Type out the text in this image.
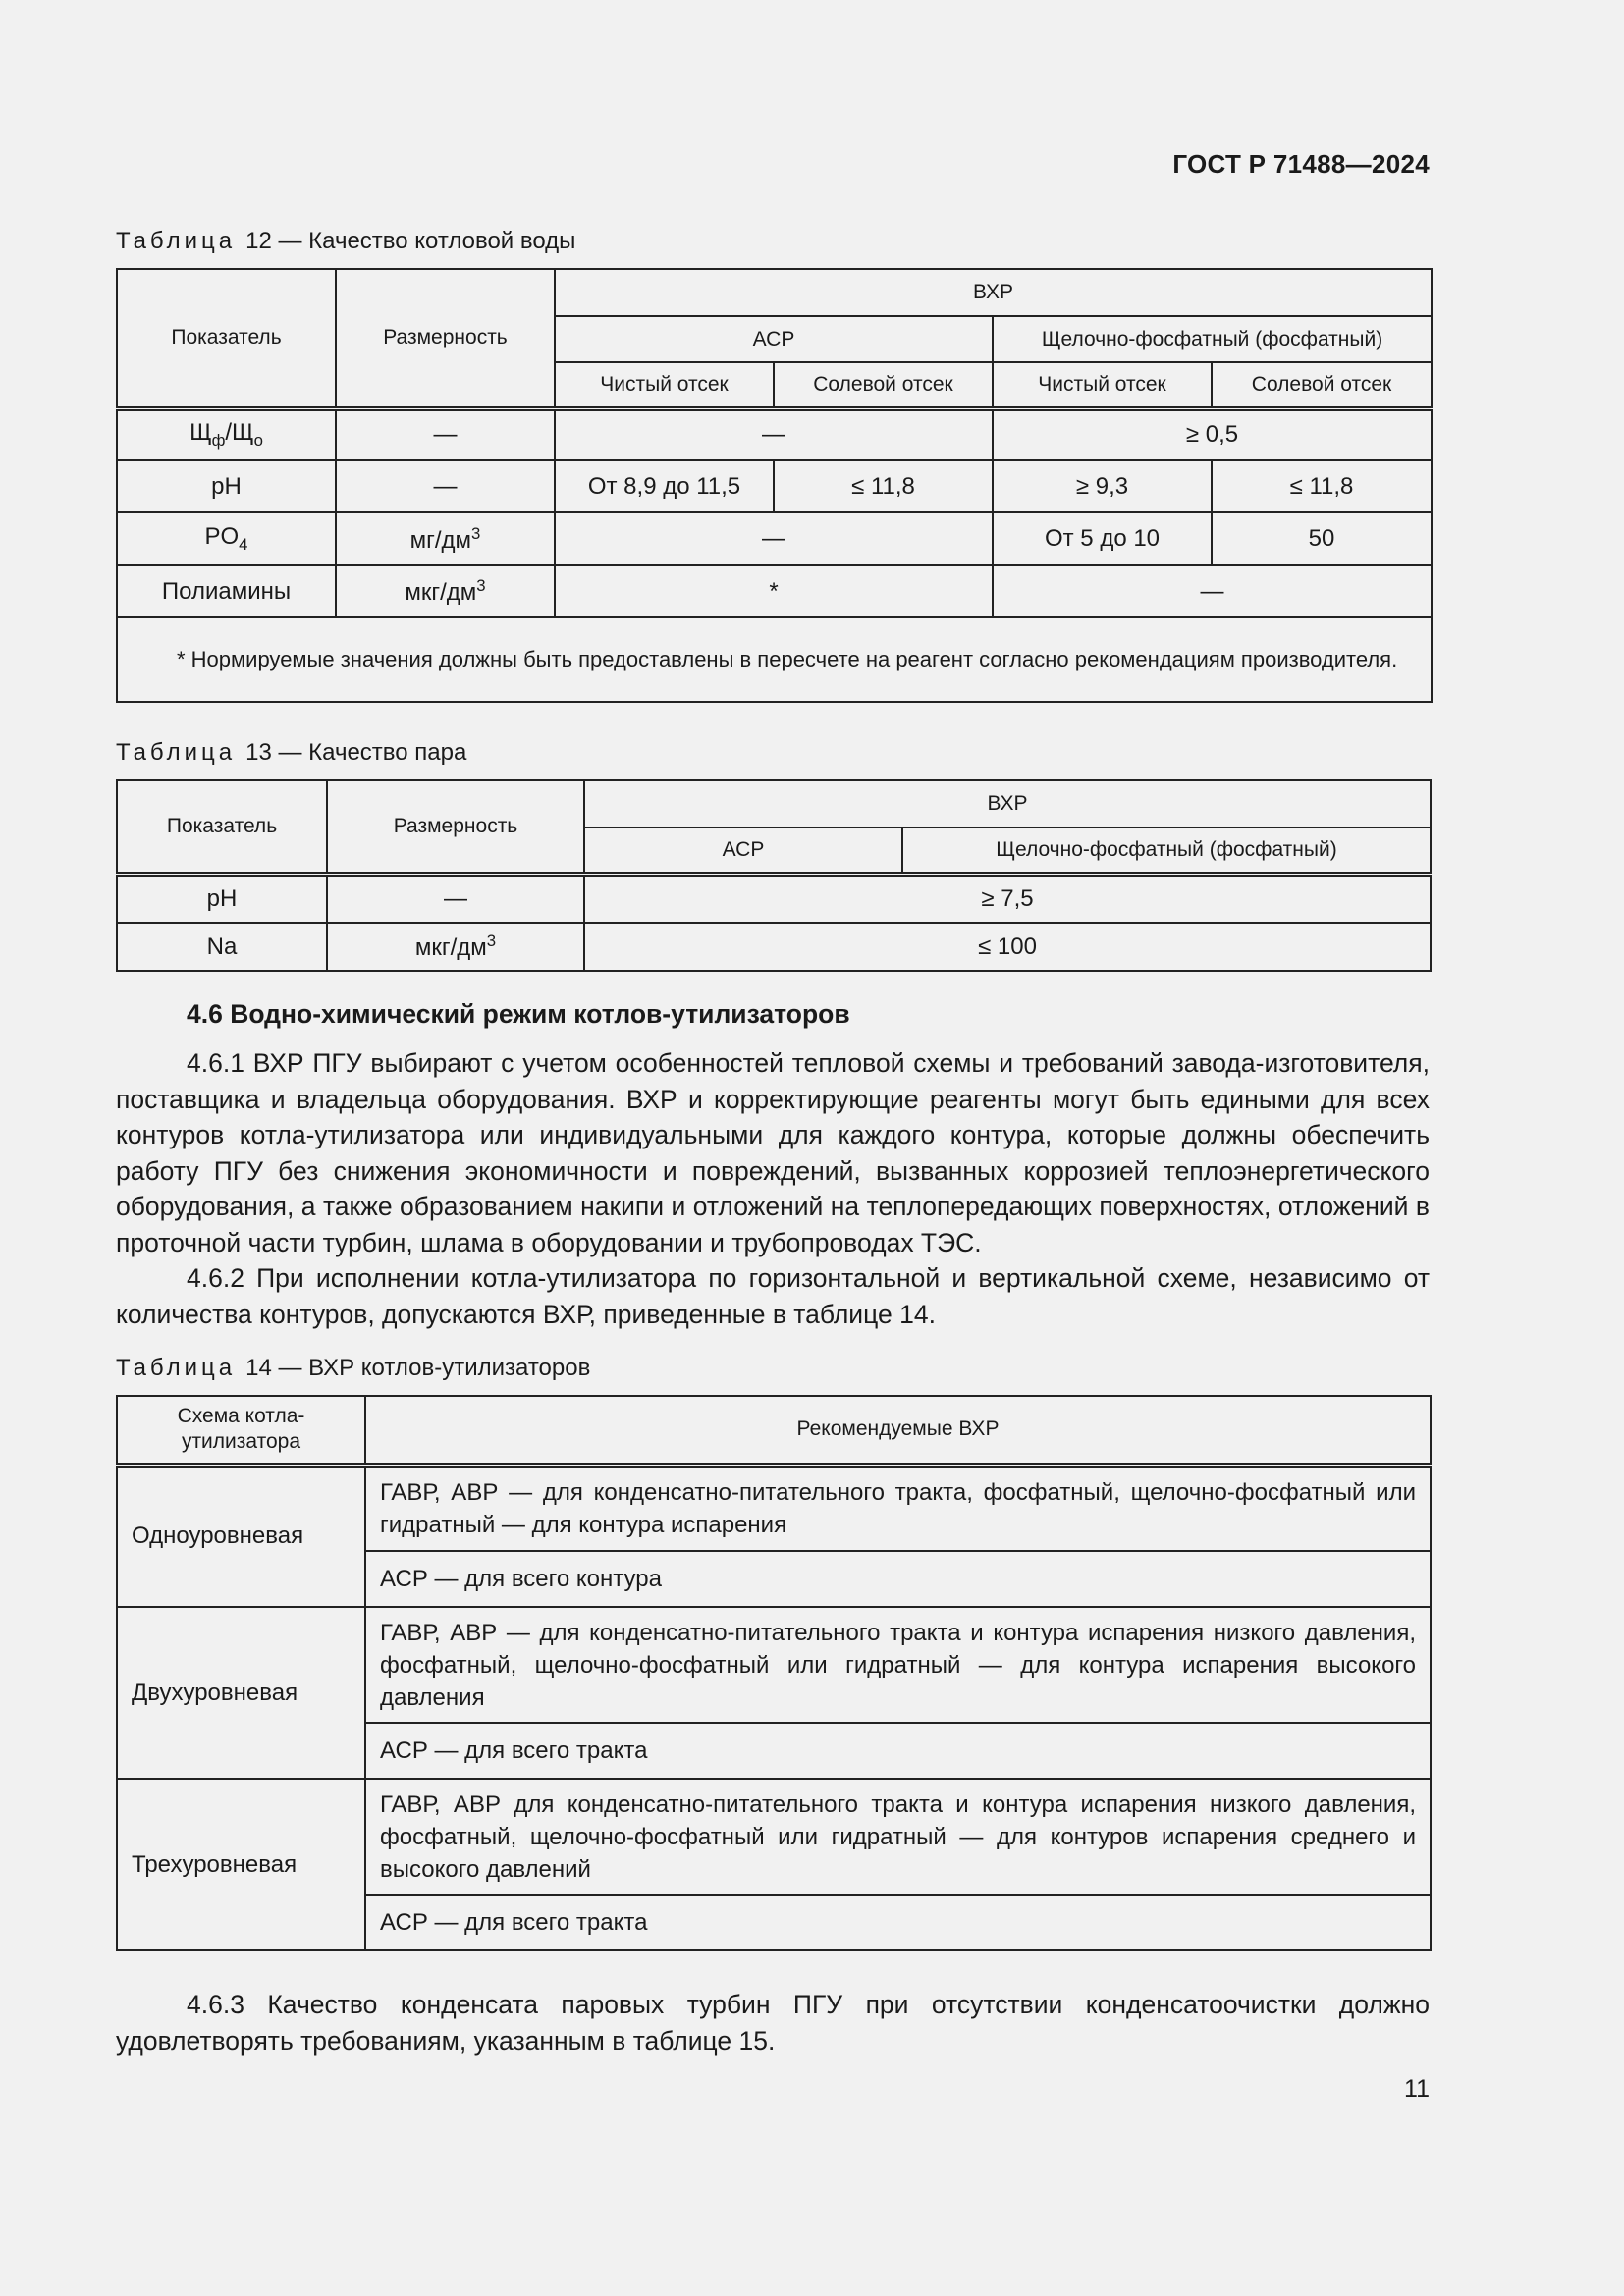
ГОСТ Р 71488—2024
Таблица 12 — Качество котловой воды
Показатель	Размерность	ВХР			
		АСР		Щелочно-фосфатный (фосфатный)	
		Чистый отсек	Солевой отсек	Чистый отсек	Солевой отсек
$Щ_ф/Щ_о$	—	—		≥ 0,5	
pH	—	От 8,9 до 11,5	≤ 11,8	≥ 9,3	≤ 11,8
$PO_4$	$мг/дм^3$	—		От 5 до 10	50
Полиамины	мкг/$дм^3$	*		—	
* Нормируемые значения должны быть предоставлены в пересчете на реагент согласно рекомендациям производителя.					
Таблица 13 — Качество пара
Показатель	Размерность	ВХР	
		АСР	Щелочно-фосфатный (фосфатный)
pH	—	≥ 7,5	
Na	мкг/$дм^3$	≤ 100	
4.6 Водно-химический режим котлов-утилизаторов
4.6.1 ВХР ПГУ выбирают с учетом особенностей тепловой схемы и требований завода-изготовителя, поставщика и владельца оборудования. ВХР и корректирующие реагенты могут быть едиными для всех контуров котла-утилизатора или индивидуальными для каждого контура, которые должны обеспечить работу ПГУ без снижения экономичности и повреждений, вызванных коррозией теплоэнергетического оборудования, а также образованием накипи и отложений на теплопередающих поверхностях, отложений в проточной части турбин, шлама в оборудовании и трубопроводах ТЭС.
4.6.2 При исполнении котла-утилизатора по горизонтальной и вертикальной схеме, независимо от количества контуров, допускаются ВХР, приведенные в таблице 14.
Таблица 14 — ВХР котлов-утилизаторов
Схема котла-утилизатора	Рекомендуемые ВХР
Одноуровневая	ГАВР, АВР — для конденсатно-питательного тракта, фосфатный, щелочно-фосфатный или гидратный — для контура испарения
	АСР — для всего контура
Двухуровневая	ГАВР, АВР — для конденсатно-питательного тракта и контура испарения низкого давления, фосфатный, щелочно-фосфатный или гидратный — для контура испарения высокого давления
	АСР — для всего тракта
Трехуровневая	ГАВР, АВР для конденсатно-питательного тракта и контура испарения низкого давления, фосфатный, щелочно-фосфатный или гидратный — для контуров испарения среднего и высокого давлений
	АСР — для всего тракта
4.6.3 Качество конденсата паровых турбин ПГУ при отсутствии конденсатоочистки должно удовлетворять требованиям, указанным в таблице 15.
11
